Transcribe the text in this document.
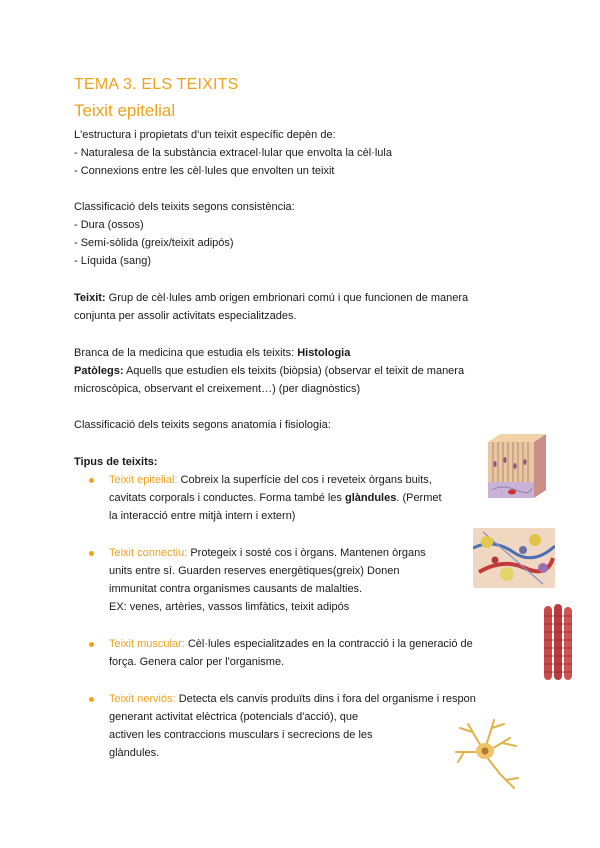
TEMA 3. ELS TEIXITS
Teixit epitelial
L'estructura i propietats d'un teixit específic depèn de:
- Naturalesa de la substància extracel·lular que envolta la cèl·lula
- Connexions entre les cèl·lules que envolten un teixit
Classificació dels teixits segons consistència:
- Dura (ossos)
- Semi-sòlida (greix/teixit adipós)
- Líquida (sang)
Teixit: Grup de cèl·lules amb origen embrionari comú i que funcionen de manera
conjunta per assolir activitats especialitzades.
Branca de la medicina que estudia els teixits: Histologia
Patòlegs: Aquells que estudien els teixits (biòpsia) (observar el teixit de manera
microscòpica, observant el creixement…) (per diagnòstics)
Classificació dels teixits segons anatomia i fisiologia:
Tipus de teixits:
Teixit epitelial: Cobreix la superfície del cos i reveteix òrgans buits,
cavitats corporals i conductes. Forma també les glàndules. (Permet
la interacció entre mitjà intern i extern)
Teixit connectiu: Protegeix i sosté cos i òrgans. Mantenen òrgans
units entre sí. Guarden reserves energètiques(greix) Donen
immunitat contra organismes causants de malalties.
EX: venes, artèries, vassos limfàtics, teixit adipós
Teixit muscular: Cèl·lules especialitzades en la contracció i la generació de
força. Genera calor per l'organisme.
Teixit nerviós: Detecta els canvis produïts dins i fora del organisme i respon
generant activitat elèctrica (potencials d'acció), que
activen les contraccions musculars i secrecions de les
glàndules.
